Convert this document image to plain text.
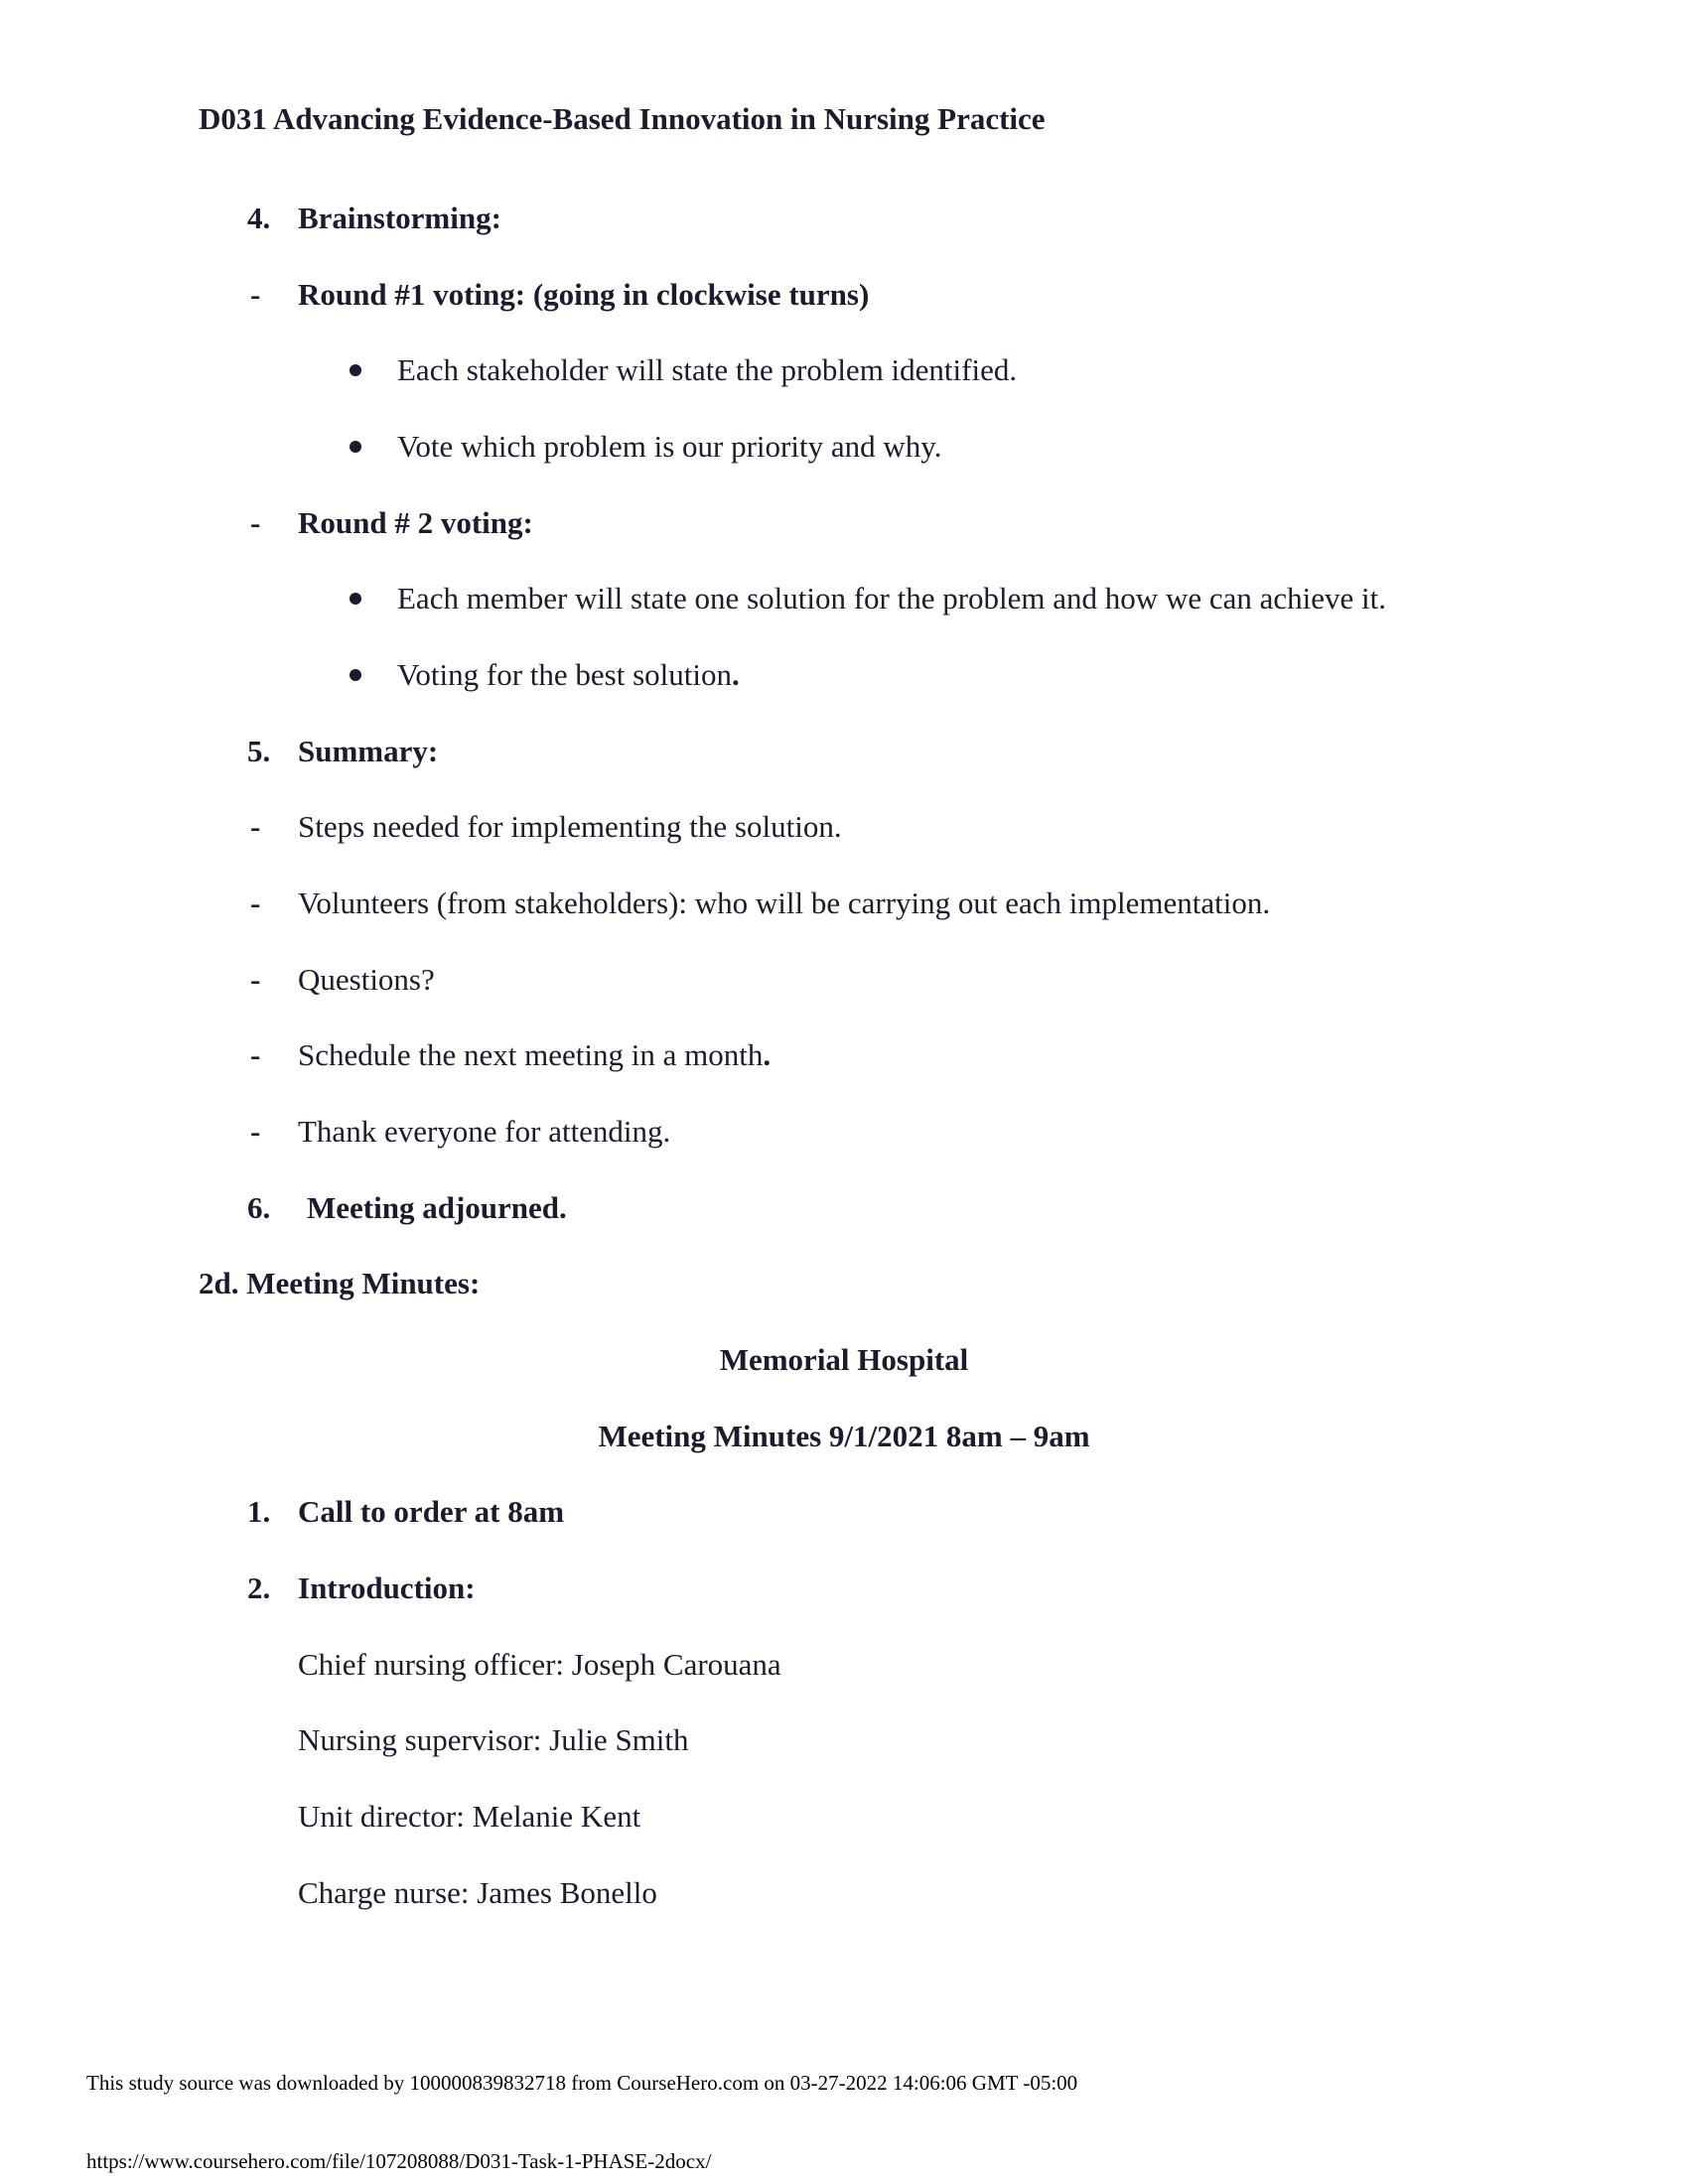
D031 Advancing Evidence-Based Innovation in Nursing Practice
4. Brainstorming:
- Round #1 voting: (going in clockwise turns)
Each stakeholder will state the problem identified.
Vote which problem is our priority and why.
- Round # 2 voting:
Each member will state one solution for the problem and how we can achieve it.
Voting for the best solution.
5. Summary:
- Steps needed for implementing the solution.
- Volunteers (from stakeholders): who will be carrying out each implementation.
- Questions?
- Schedule the next meeting in a month.
- Thank everyone for attending.
6. Meeting adjourned.
2d. Meeting Minutes:
Memorial Hospital
Meeting Minutes 9/1/2021 8am – 9am
1. Call to order at 8am
2. Introduction:
Chief nursing officer: Joseph Carouana
Nursing supervisor: Julie Smith
Unit director: Melanie Kent
Charge nurse: James Bonello
This study source was downloaded by 100000839832718 from CourseHero.com on 03-27-2022 14:06:06 GMT -05:00
https://www.coursehero.com/file/107208088/D031-Task-1-PHASE-2docx/
